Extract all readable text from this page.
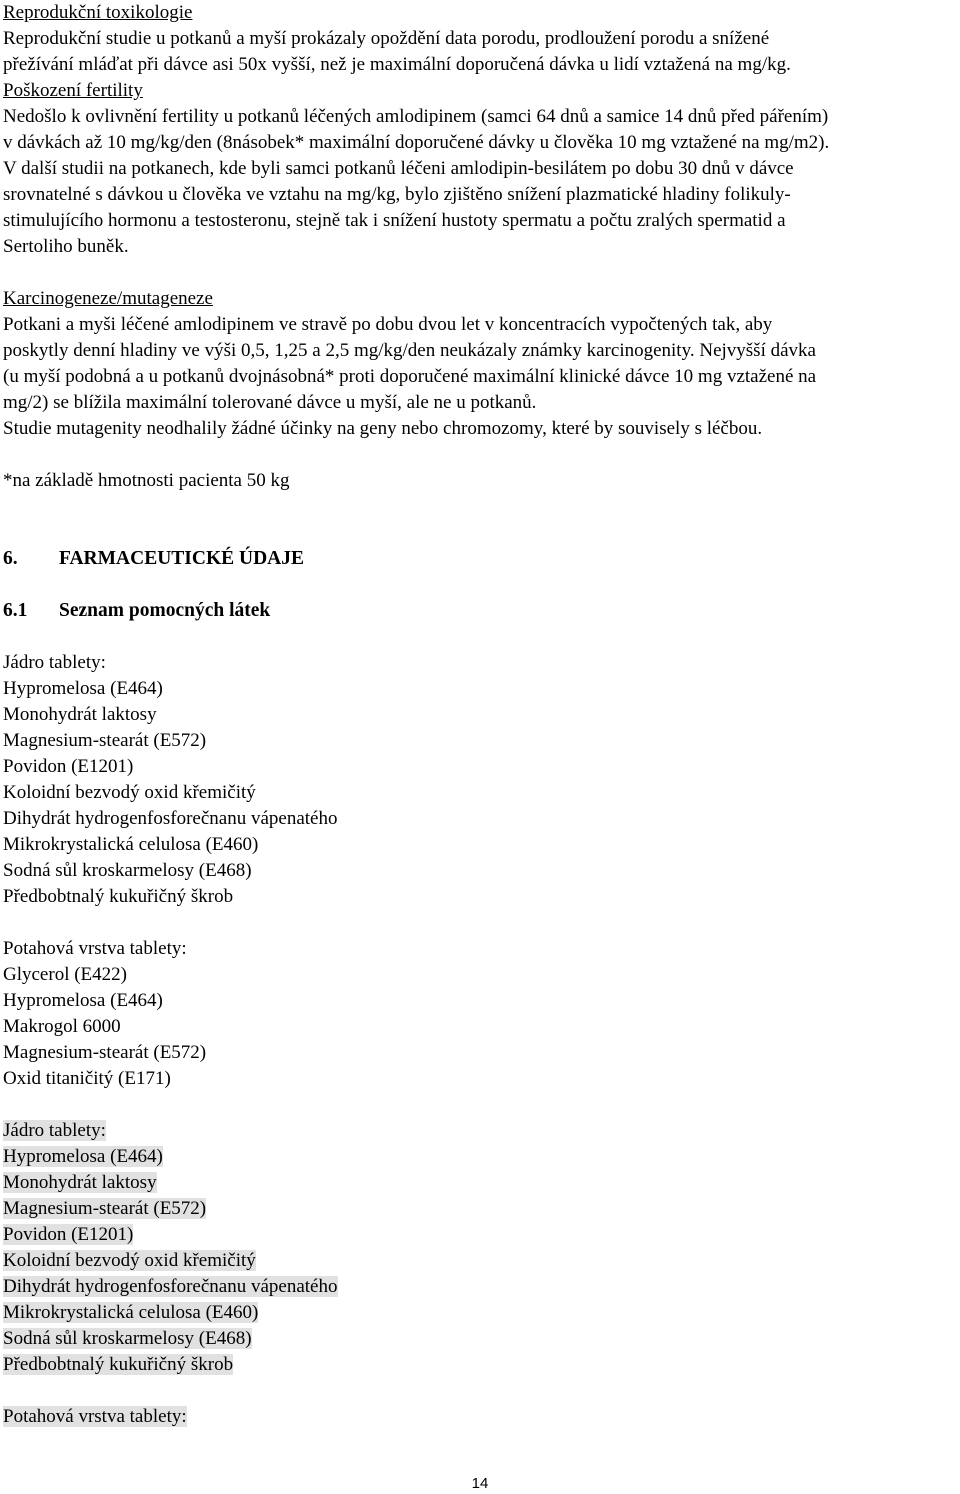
Reprodukční toxikologie

Reprodukční studie u potkanů a myší prokázaly opoždění data porodu, prodloužení porodu a snížené

přežívání mláďat při dávce asi 50x vyšší, než je maximální doporučená dávka u lidí vztažená na mg/kg.

Poškození fertility

Nedošlo k ovlivnění fertility u potkanů léčených amlodipinem (samci 64 dnů a samice 14 dnů před pářením)

v dávkách až 10 mg/kg/den (8násobek* maximální doporučené dávky u člověka 10 mg vztažené na mg/m2).

V další studii na potkanech, kde byli samci potkanů léčeni amlodipin-besilátem po dobu 30 dnů v dávce

srovnatelné s dávkou u člověka ve vztahu na mg/kg, bylo zjištěno snížení plazmatické hladiny folikuly-

stimulujícího hormonu a testosteronu, stejně tak i snížení hustoty spermatu a počtu zralých spermatid a

Sertoliho buněk.

Karcinogeneze/mutageneze

Potkani a myši léčené amlodipinem ve stravě po dobu dvou let v koncentracích vypočtených tak, aby

poskytly denní hladiny ve výši 0,5, 1,25 a 2,5 mg/kg/den neukázaly známky karcinogenity. Nejvyšší dávka

(u myší podobná a u potkanů dvojnásobná* proti doporučené maximální klinické dávce 10 mg vztažené na

mg/2) se blížila maximální tolerované dávce u myší, ale ne u potkanů.

Studie mutagenity neodhalily žádné účinky na geny nebo chromozomy, které by souvisely s léčbou.

*na základě hmotnosti pacienta 50 kg

6. FARMACEUTICKÉ ÚDAJE

6.1 Seznam pomocných látek

Jádro tablety:

Hypromelosa (E464)

Monohydrát laktosy

Magnesium-stearát (E572)

Povidon (E1201)

Koloidní bezvodý oxid křemičitý

Dihydrát hydrogenfosforečnanu vápenatého

Mikrokrystalická celulosa (E460)

Sodná sůl kroskarmelosy (E468)

Předbobtnalý kukuřičný škrob

Potahová vrstva tablety:

Glycerol (E422)

Hypromelosa (E464)

Makrogol 6000

Magnesium-stearát (E572)

Oxid titaničitý (E171)

Jádro tablety:

Hypromelosa (E464)

Monohydrát laktosy

Magnesium-stearát (E572)

Povidon (E1201)

Koloidní bezvodý oxid křemičitý

Dihydrát hydrogenfosforečnanu vápenatého

Mikrokrystalická celulosa (E460)

Sodná sůl kroskarmelosy (E468)

Předbobtnalý kukuřičný škrob

Potahová vrstva tablety:

14
